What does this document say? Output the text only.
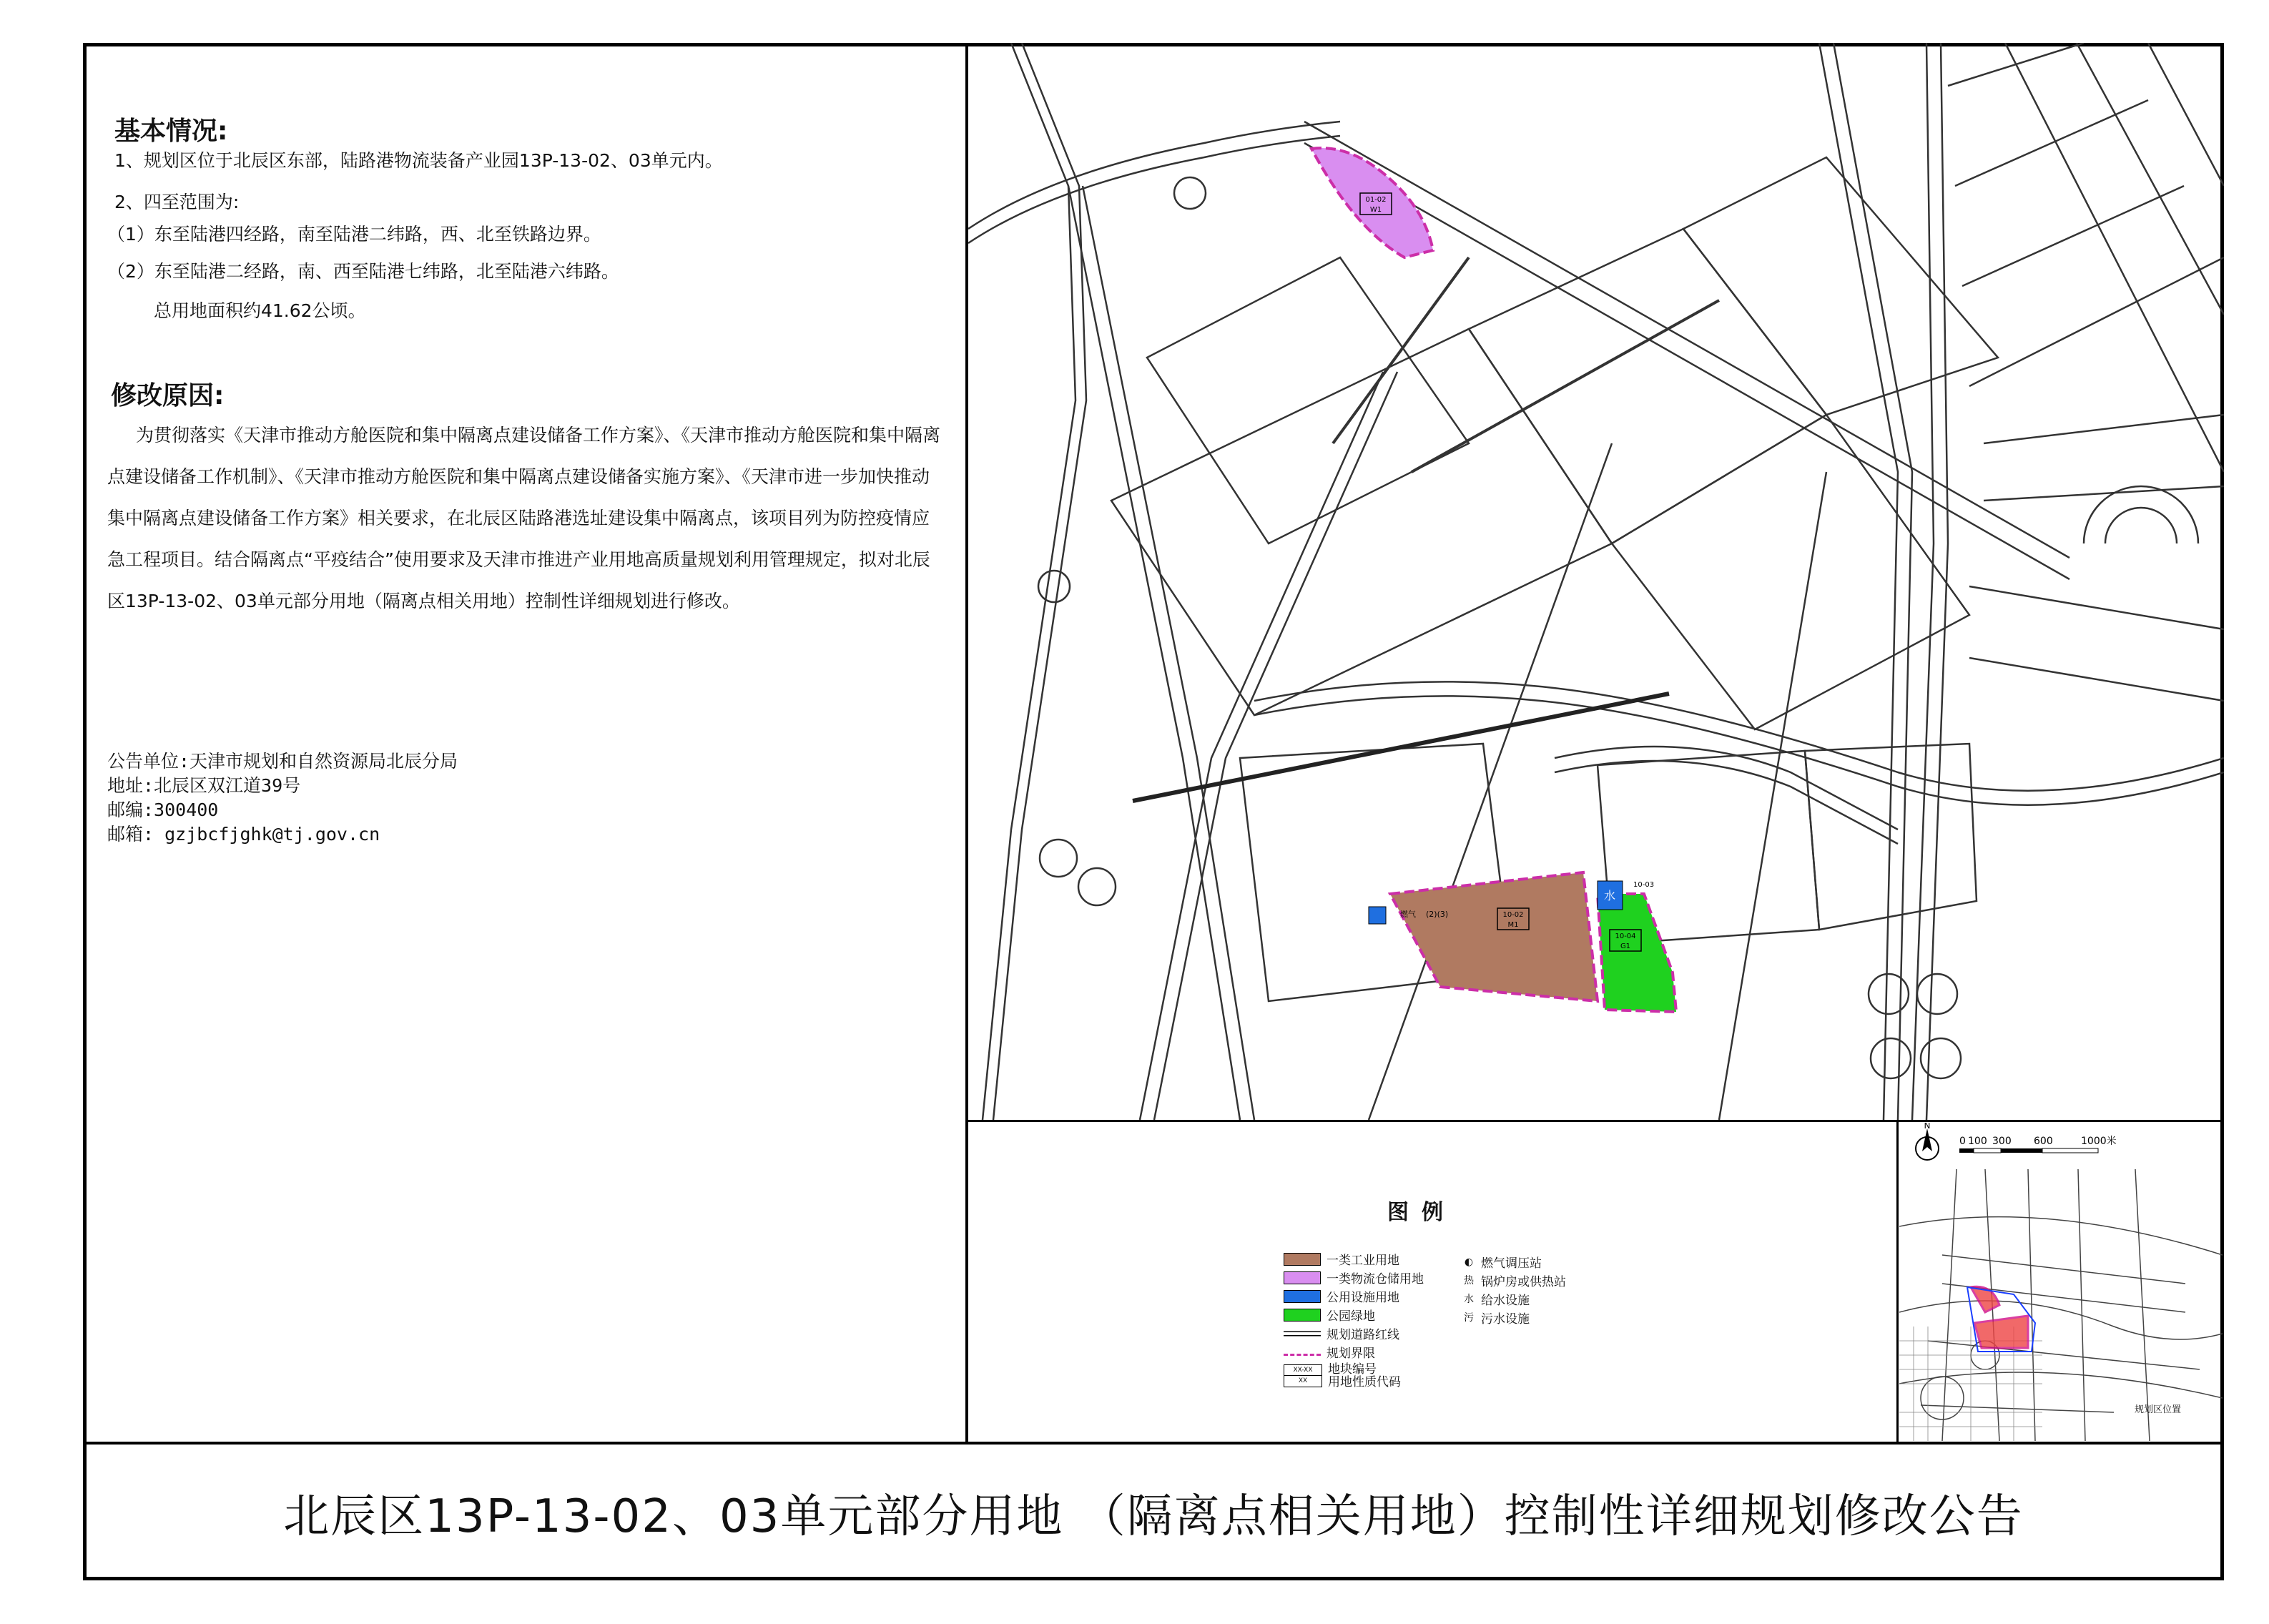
基本情况:
1、规划区位于北辰区东部，陆路港物流装备产业园13P-13-02、03单元内。
2、四至范围为:
（1）东至陆港四经路，南至陆港二纬路，西、北至铁路边界。
（2）东至陆港二经路，南、西至陆港七纬路，北至陆港六纬路。
总用地面积约41.62公顷。
修改原因:
为贯彻落实《天津市推动方舱医院和集中隔离点建设储备工作方案》、《天津市推动方舱医院和集中隔离点建设储备工作机制》、《天津市推动方舱医院和集中隔离点建设储备实施方案》、《天津市进一步加快推动集中隔离点建设储备工作方案》相关要求，在北辰区陆路港选址建设集中隔离点，该项目列为防控疫情应急工程项目。结合隔离点“平疫结合”使用要求及天津市推进产业用地高质量规划利用管理规定，拟对北辰区13P-13-02、03单元部分用地（隔离点相关用地）控制性详细规划进行修改。
公告单位:天津市规划和自然资源局北辰分局
地址:北辰区双江道39号
邮编:300400
邮箱: gzjbcfjghk@tj.gov.cn
01-02
W1
水
10-03
燃气 (2)(3)	10-02
M1
10-04
G1
图例
一类工业用地
一类物流仓储用地
公用设施用地
公园绿地
规划道路红线
规划界限
XX-XX
XX
地块编号
用地性质代码
◐ 燃气调压站
热 锅炉房或供热站
水 给水设施
污 污水设施
N
0 100 300 600	1000米
规划区位置
北辰区13P-13-02、03单元部分用地 （隔离点相关用地）控制性详细规划修改公告
